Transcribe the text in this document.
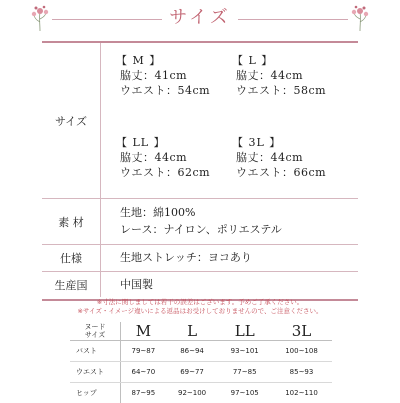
サイズ
サイズ
【 M 】
脇丈：41cm
ウエスト：54cm
【 L 】
脇丈：44cm
ウエスト：58cm
【 LL 】
脇丈：44cm
ウエスト：62cm
【 3L 】
脇丈：44cm
ウエスト：66cm
素 材
生地：綿100%
レース：ナイロン、ポリエステル
仕様	生地ストレッチ：ヨコあり
生産国	中国製
※寸法に関しましては若干の誤差はございます。予めご了承ください。
※サイズ・イメージ違いによる返品はお受けしておりませんので、ご注意ください。
ヌード
サイズ	M	L	LL	3L
バスト	79~87	86~94	93~101	100~108
ウエスト	64~70	69~77	77~85	85~93
ヒップ	87~95	92~100	97~105	102~110
